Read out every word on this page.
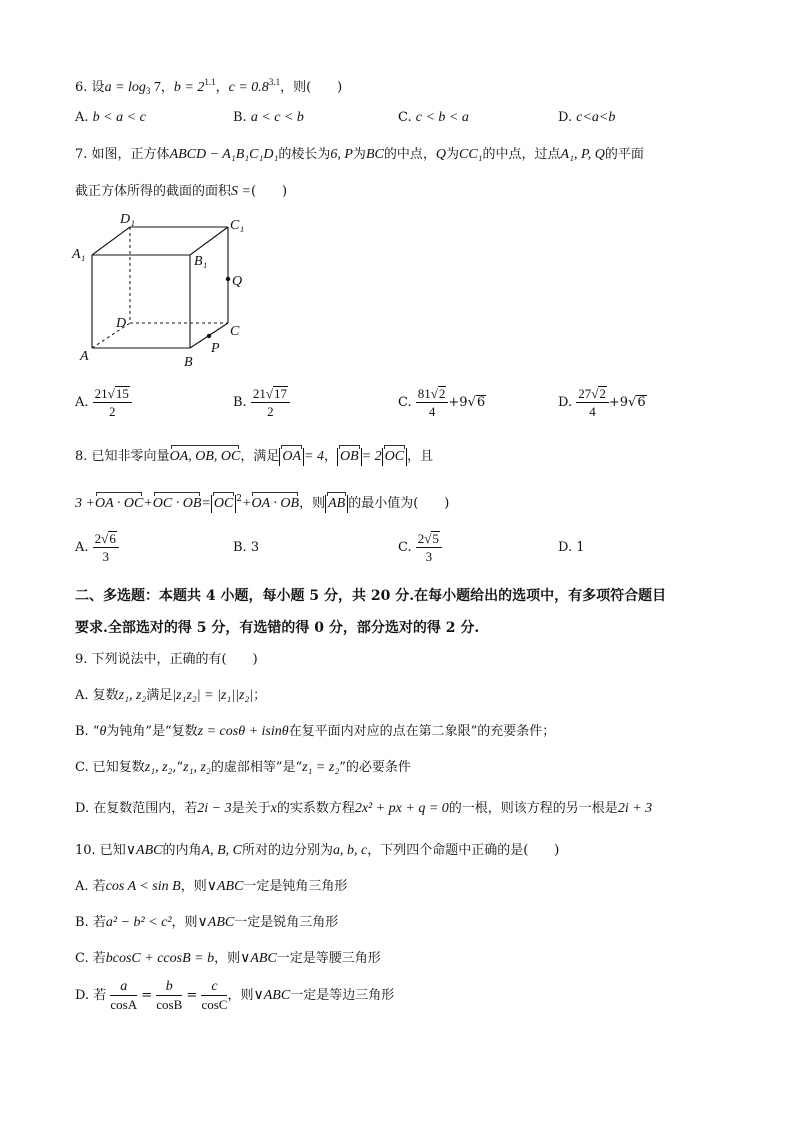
6. 设$a = \log_3 7$，$b = 2^{1.1}$，$c = 0.8^{3.1}$，则(　　)
A. b < a < c	B. a < c < b	C. c < b < a	D. c<a<b
7. 如图，正方体ABCD − A₁B₁C₁D₁的棱长为6, P为BC的中点，Q为CC₁的中点，过点A₁, P, Q的平面
截正方体所得的截面的面积S =(　　)
D₁	C₁
A₁	B₁
Q
D
C
P
A	B
A. $\frac{21√15}{2}$	B. $\frac{21√17}{2}$	C. $\frac{81√2}{4} +9√6$	D. $\frac{27√2}{4} +9√6$
8. 已知非零向量OA, OB, OC，满足 OA = 4， OB = 2 OC ，且
3 +OA · OC+OC · OB= OC $^2$+OA · OB，则 AB 的最小值为(　　)
A. $\frac{2√6}{3}$	B. 3	C. $\frac{2√5}{3}$	D. 1
二、多选题：本题共 4 小题，每小题 5 分，共 20 分.在每小题给出的选项中，有多项符合题目
要求.全部选对的得 5 分，有选错的得 0 分，部分选对的得 2 分.
9. 下列说法中，正确的有(　　)
A. 复数z₁, z₂满足|z₁z₂| = |z₁||z₂|；
B. “θ为钝角”是“复数z = cosθ + isinθ在复平面内对应的点在第二象限”的充要条件；
C. 已知复数z₁, z₂,“z₁, z₂的虚部相等”是“z₁ = z₂”的必要条件
D. 在复数范围内，若2i − 3是关于x的实系数方程2x² + px + q = 0的一根，则该方程的另一根是2i + 3
10. 已知∨ABC的内角A, B, C所对的边分别为a, b, c，下列四个命题中正确的是(　　)
A. 若cos A < sin B，则∨ABC一定是钝角三角形
B. 若a² − b² < c²，则∨ABC一定是锐角三角形
C. 若bcosC + ccosB = b，则∨ABC一定是等腰三角形
D. 若 $\frac{a}{\cos A} = \frac{b}{\cos B} = \frac{c}{\cos C}$ ，则∨ABC一定是等边三角形
